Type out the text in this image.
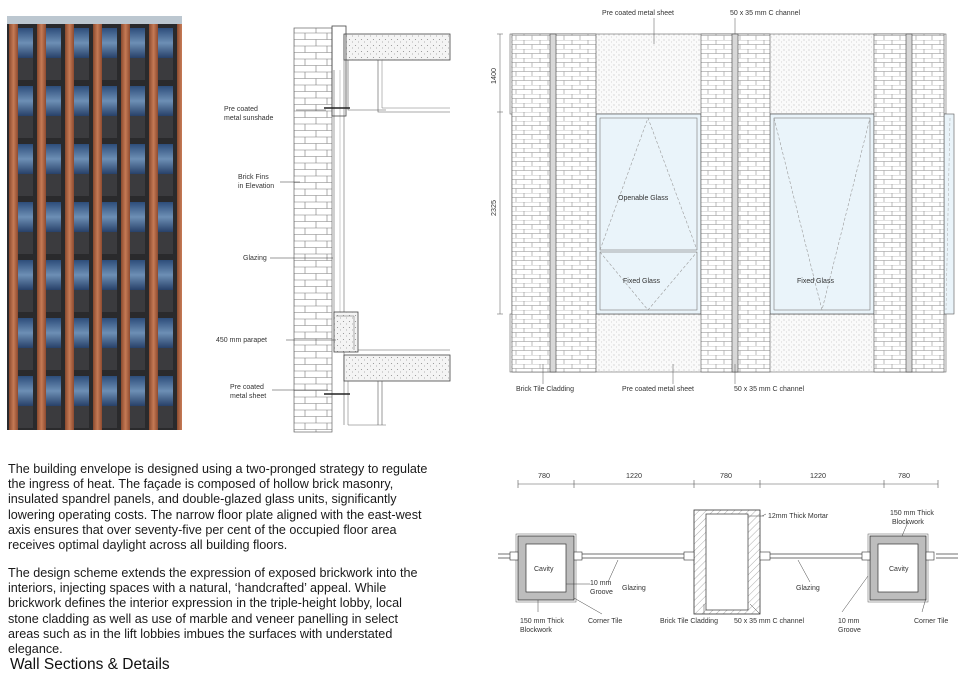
Pre coated
metal sunshade
Brick Fins
in Elevation
Glazing
450 mm parapet
Pre coated
metal sheet
1400
2325
Pre coated metal sheet	50 x 35 mm C channel
Openable Glass
Fixed Glass	Fixed Glass
Brick Tile Cladding	Pre coated metal sheet	50 x 35 mm C channel
780	1220	780	1220	780
12mm Thick Mortar	150 mm Thick
Blockwork
Cavity	Cavity
10 mm
Groove
Glazing	Glazing
150 mm Thick
Blockwork
Corner Tile	Brick Tile Cladding 50 x 35 mm C channel	10 mm
Groove
Corner Tile
The building envelope is designed using a two-pronged strategy to regulate the ingress of heat. The façade is composed of hollow brick masonry, insulated spandrel panels, and double-glazed glass units, significantly lowering operating costs. The narrow floor plate aligned with the east-west axis ensures that over seventy-five per cent of the occupied floor area receives optimal daylight across all building floors.
The design scheme extends the expression of exposed brickwork into the interiors, injecting spaces with a natural, ‘handcrafted’ appeal. While brickwork defines the interior expression in the triple-height lobby, local stone cladding as well as use of marble and veneer panelling in select areas such as in the lift lobbies imbues the surfaces with understated elegance.
Wall Sections & Details
